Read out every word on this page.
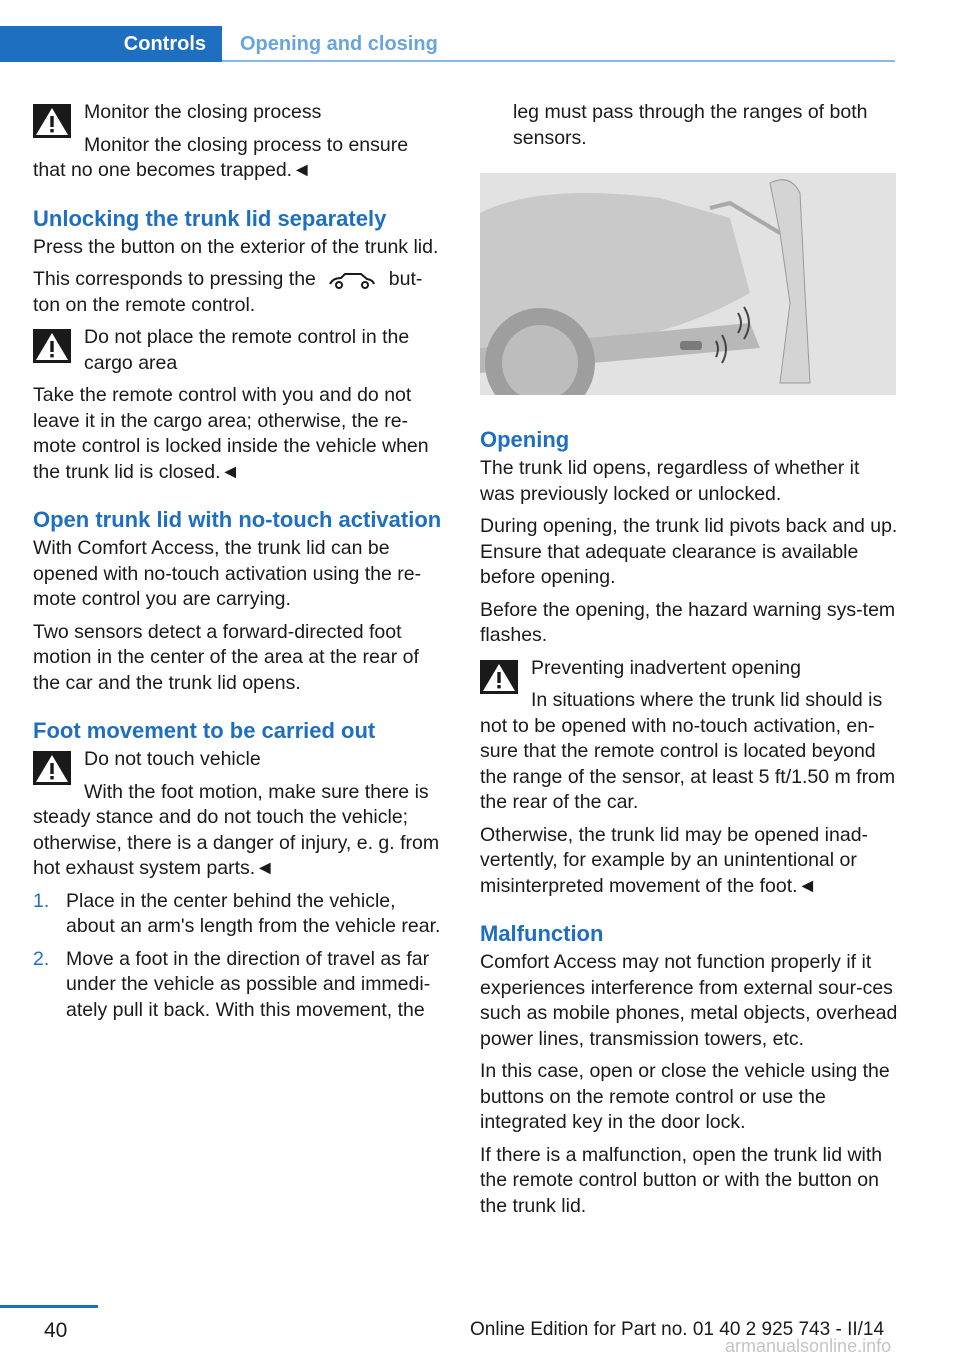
Controls	Opening and closing
Monitor the closing process

Monitor the closing process to ensure that no one becomes trapped.◄

Unlocking the trunk lid separately

Press the button on the exterior of the trunk lid.

This corresponds to pressing the	but‐ton on the remote control.

Do not place the remote control in the cargo area

Take the remote control with you and do not leave it in the cargo area; otherwise, the re‐mote control is locked inside the vehicle when the trunk lid is closed.◄

Open trunk lid with no-touch activation

With Comfort Access, the trunk lid can be opened with no-touch activation using the re‐mote control you are carrying.

Two sensors detect a forward-directed foot motion in the center of the area at the rear of the car and the trunk lid opens.

Foot movement to be carried out
Do not touch vehicle

With the foot motion, make sure there is steady stance and do not touch the vehicle; otherwise, there is a danger of injury, e. g. from hot exhaust system parts.◄

1. Place in the center behind the vehicle, about an arm's length from the vehicle rear.
2. Move a foot in the direction of travel as far under the vehicle as possible and immedi‐ately pull it back. With this movement, the

leg must pass through the ranges of both sensors.

Opening

The trunk lid opens, regardless of whether it was previously locked or unlocked.

During opening, the trunk lid pivots back and up. Ensure that adequate clearance is available before opening.

Before the opening, the hazard warning sys‐tem flashes.

Preventing inadvertent opening

In situations where the trunk lid should is not to be opened with no-touch activation, en‐sure that the remote control is located beyond the range of the sensor, at least 5 ft/1.50 m from the rear of the car.

Otherwise, the trunk lid may be opened inad‐vertently, for example by an unintentional or misinterpreted movement of the foot.◄

Malfunction

Comfort Access may not function properly if it experiences interference from external sour‐ces such as mobile phones, metal objects, overhead power lines, transmission towers, etc.

In this case, open or close the vehicle using the buttons on the remote control or use the integrated key in the door lock.

If there is a malfunction, open the trunk lid with the remote control button or with the button on the trunk lid.

40	Online Edition for Part no. 01 40 2 925 743 - II/14
armanualsonline.info
